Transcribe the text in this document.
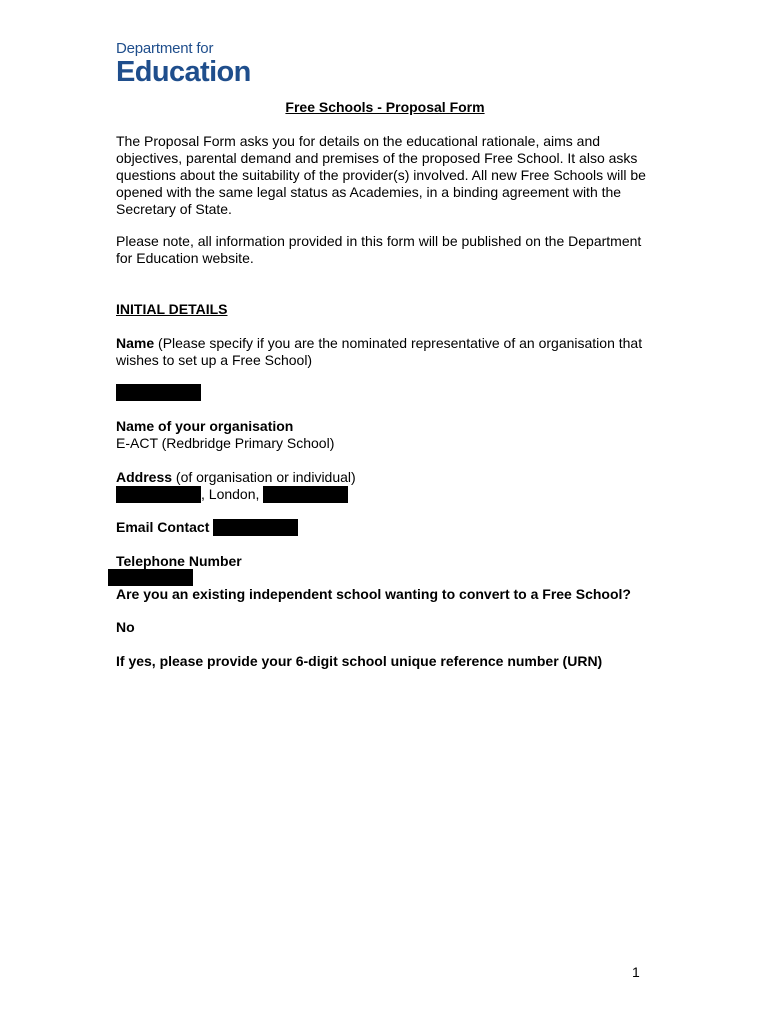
Department for
Education
Free Schools - Proposal Form
The Proposal Form asks you for details on the educational rationale, aims and objectives, parental demand and premises of the proposed Free School. It also asks questions about the suitability of the provider(s) involved. All new Free Schools will be opened with the same legal status as Academies, in a binding agreement with the Secretary of State.
Please note, all information provided in this form will be published on the Department for Education website.
INITIAL DETAILS
Name (Please specify if you are the nominated representative of an organisation that wishes to set up a Free School)
Name of your organisation
E-ACT (Redbridge Primary School)
Address (of organisation or individual)
, London,
Email Contact
Telephone Number
Are you an existing independent school wanting to convert to a Free School?
No
If yes, please provide your 6-digit school unique reference number (URN)
1
